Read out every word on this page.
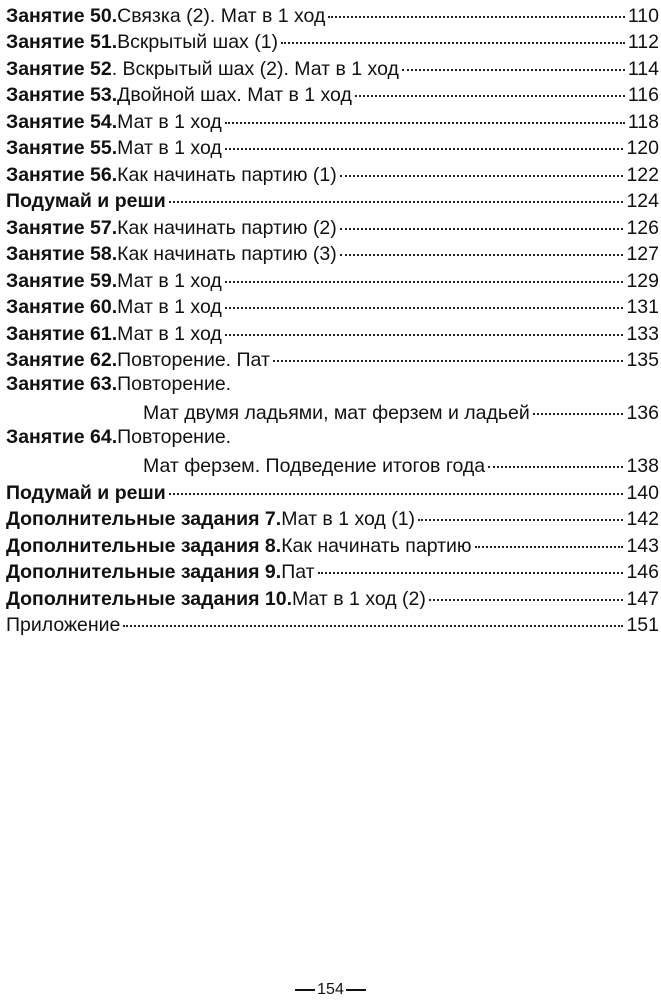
Занятие 50. Связка (2). Мат в 1 ход	110
Занятие 51. Вскрытый шах (1)	112
Занятие 52 . Вскрытый шах (2). Мат в 1 ход	114
Занятие 53. Двойной шах. Мат в 1 ход	116
Занятие 54. Мат в 1 ход	118
Занятие 55. Мат в 1 ход	120
Занятие 56. Как начинать партию (1)	122
Подумай и реши	124
Занятие 57. Как начинать партию (2)	126
Занятие 58. Как начинать партию (3)	127
Занятие 59. Мат в 1 ход	129
Занятие 60. Мат в 1 ход	131
Занятие 61. Мат в 1 ход	133
Занятие 62. Повторение. Пат	135
Занятие 63. Повторение.
Мат двумя ладьями, мат ферзем и ладьей	136
Занятие 64. Повторение.
Мат ферзем. Подведение итогов года	138
Подумай и реши	140
Дополнительные задания 7. Мат в 1 ход (1)	142
Дополнительные задания 8. Как начинать партию	143
Дополнительные задания 9. Пат	146
Дополнительные задания 10. Мат в 1 ход (2)	147
Приложение	151
154
